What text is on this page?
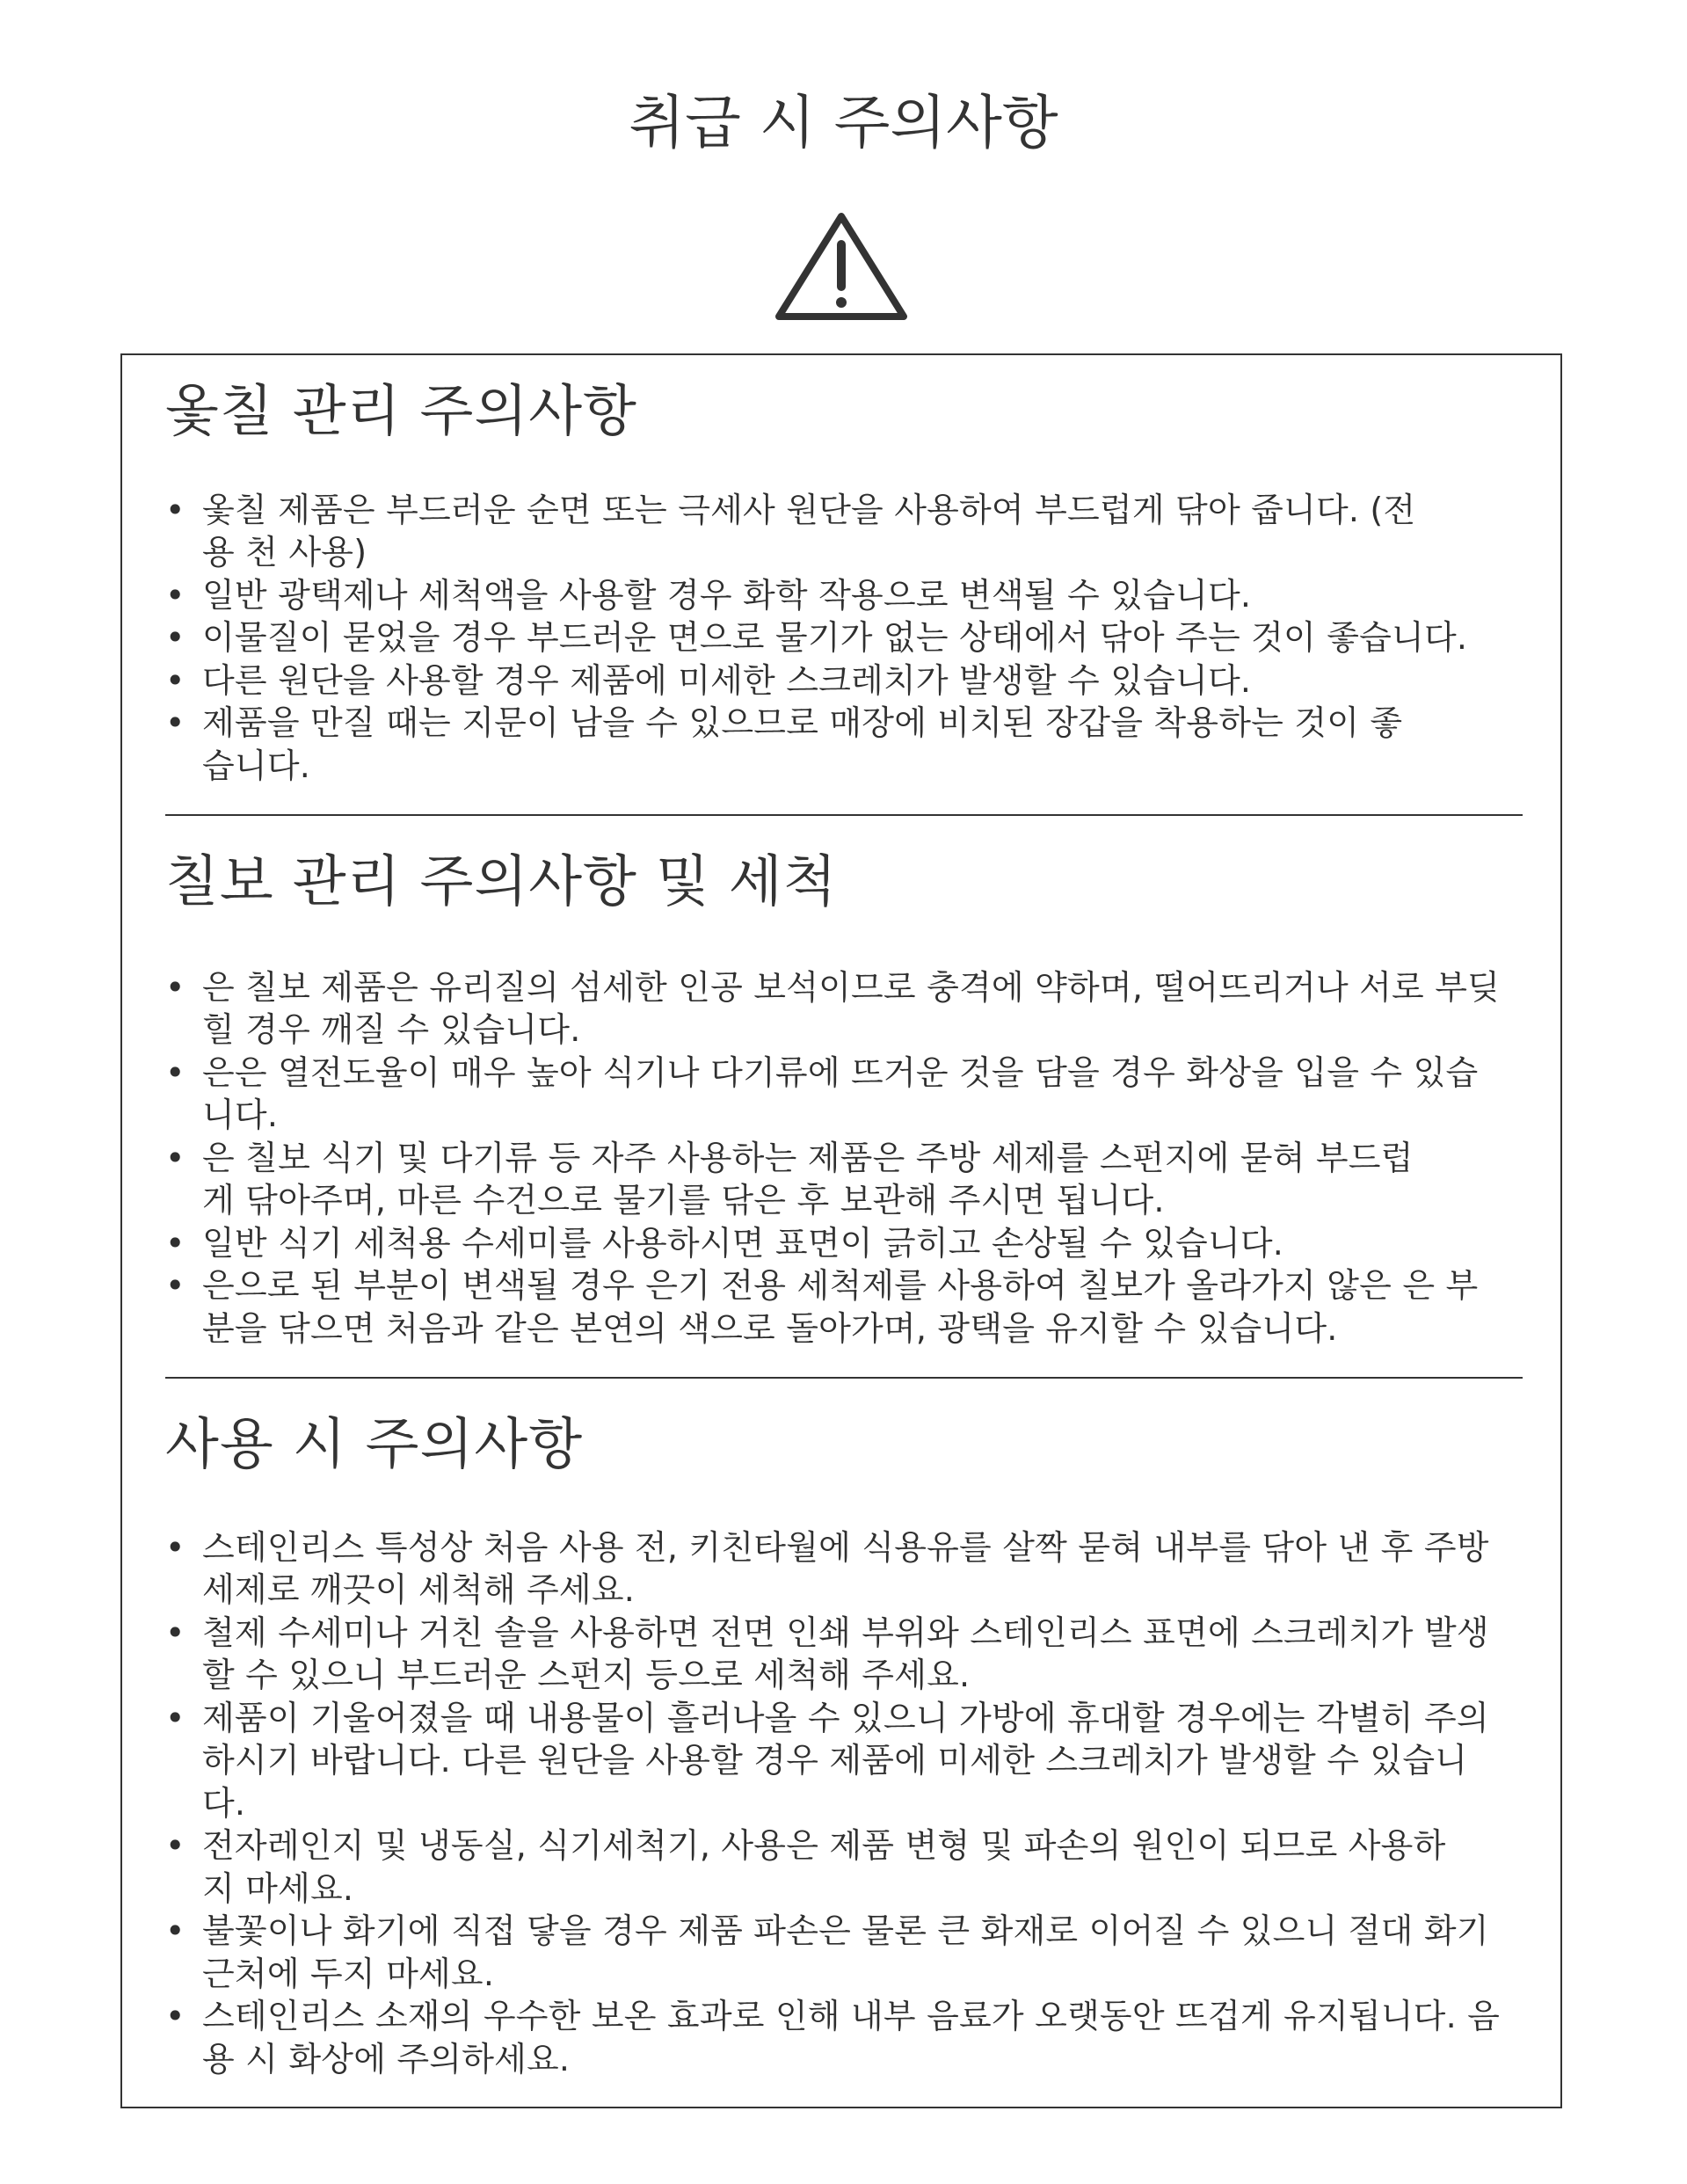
취급 시 주의사항
옻칠 관리 주의사항
• 옻칠 제품은 부드러운 순면 또는 극세사 원단을 사용하여 부드럽게 닦아 줍니다. (전용 천 사용)
• 일반 광택제나 세척액을 사용할 경우 화학 작용으로 변색될 수 있습니다.
• 이물질이 묻었을 경우 부드러운 면으로 물기가 없는 상태에서 닦아 주는 것이 좋습니다.
• 다른 원단을 사용할 경우 제품에 미세한 스크레치가 발생할 수 있습니다.
• 제품을 만질 때는 지문이 남을 수 있으므로 매장에 비치된 장갑을 착용하는 것이 좋습니다.
칠보 관리 주의사항 및 세척
• 은 칠보 제품은 유리질의 섬세한 인공 보석이므로 충격에 약하며, 떨어뜨리거나 서로 부딪힐 경우 깨질 수 있습니다.
• 은은 열전도율이 매우 높아 식기나 다기류에 뜨거운 것을 담을 경우 화상을 입을 수 있습니다.
• 은 칠보 식기 및 다기류 등 자주 사용하는 제품은 주방 세제를 스펀지에 묻혀 부드럽게 닦아주며, 마른 수건으로 물기를 닦은 후 보관해 주시면 됩니다.
• 일반 식기 세척용 수세미를 사용하시면 표면이 긁히고 손상될 수 있습니다.
• 은으로 된 부분이 변색될 경우 은기 전용 세척제를 사용하여 칠보가 올라가지 않은 은 부분을 닦으면 처음과 같은 본연의 색으로 돌아가며, 광택을 유지할 수 있습니다.
사용 시 주의사항
• 스테인리스 특성상 처음 사용 전, 키친타월에 식용유를 살짝 묻혀 내부를 닦아 낸 후 주방 세제로 깨끗이 세척해 주세요.
• 철제 수세미나 거친 솔을 사용하면 전면 인쇄 부위와 스테인리스 표면에 스크레치가 발생할 수 있으니 부드러운 스펀지 등으로 세척해 주세요.
• 제품이 기울어졌을 때 내용물이 흘러나올 수 있으니 가방에 휴대할 경우에는 각별히 주의하시기 바랍니다. 다른 원단을 사용할 경우 제품에 미세한 스크레치가 발생할 수 있습니다.
• 전자레인지 및 냉동실, 식기세척기, 사용은 제품 변형 및 파손의 원인이 되므로 사용하지 마세요.
• 불꽃이나 화기에 직접 닿을 경우 제품 파손은 물론 큰 화재로 이어질 수 있으니 절대 화기 근처에 두지 마세요.
• 스테인리스 소재의 우수한 보온 효과로 인해 내부 음료가 오랫동안 뜨겁게 유지됩니다. 음용 시 화상에 주의하세요.
